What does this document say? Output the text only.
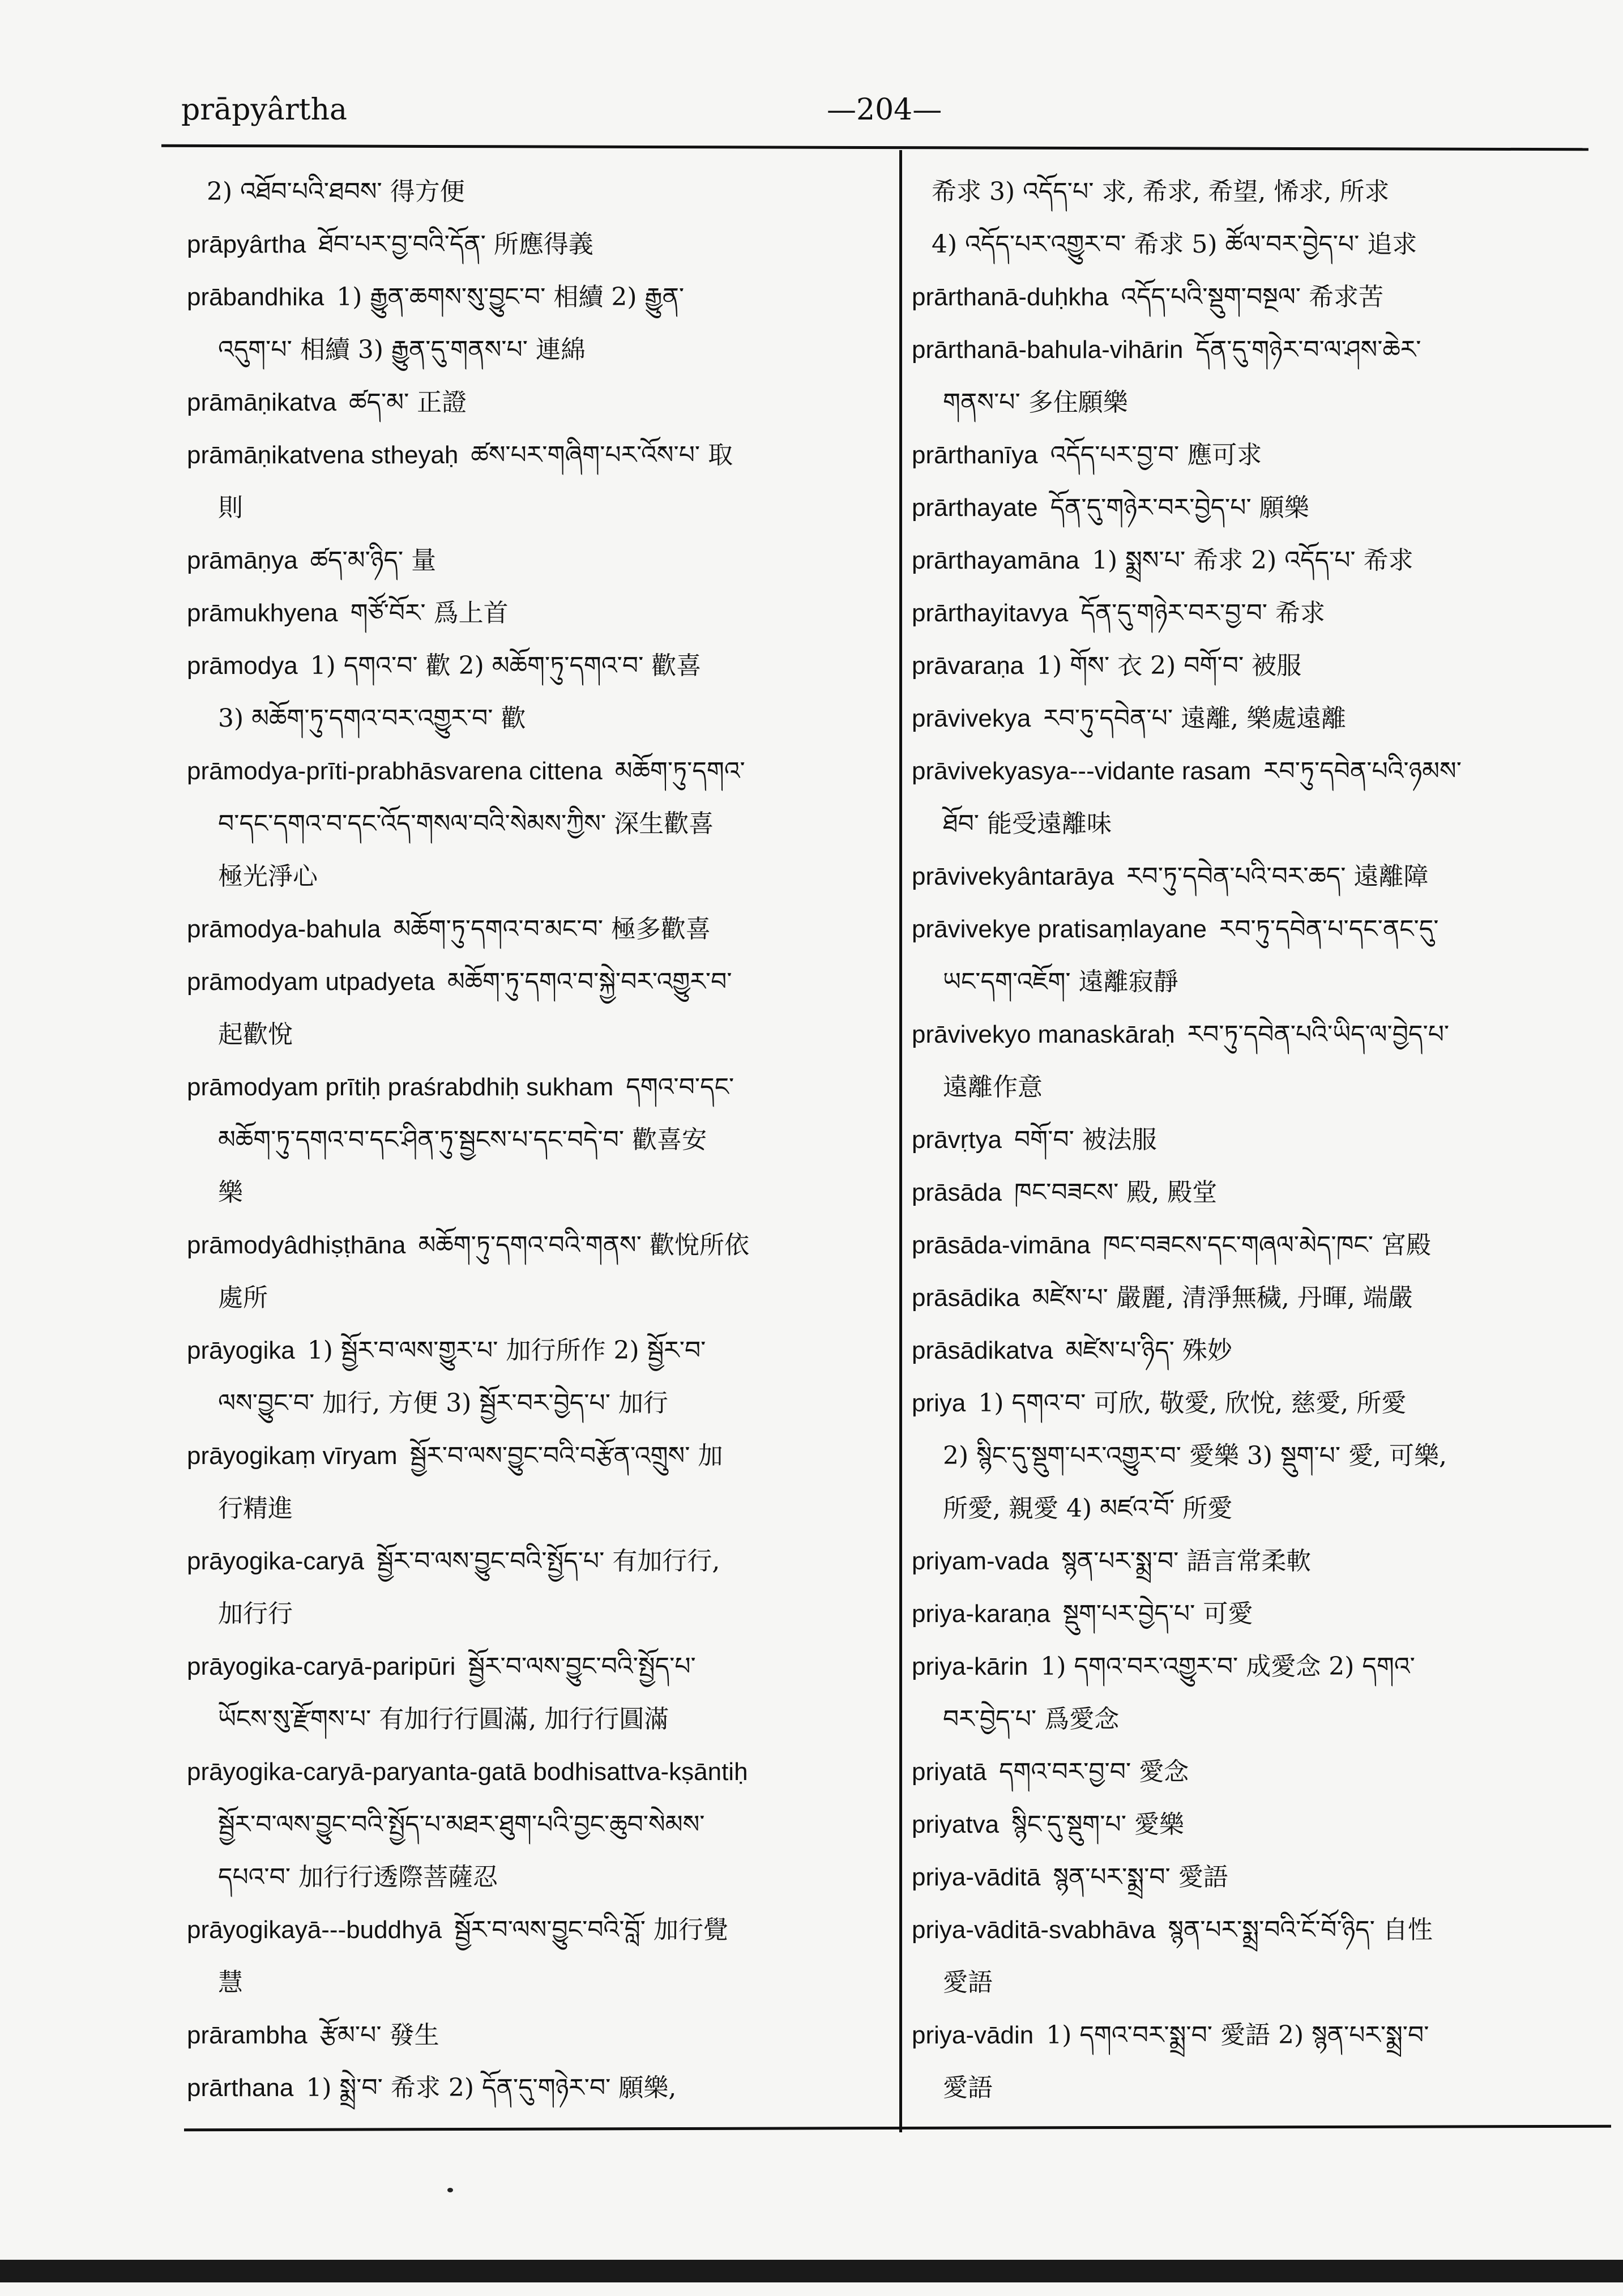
prāpyârtha	—204—

2) འཐོབ་པའི་ཐབས་ 得方便

prāpyârtha ཐོབ་པར་བྱ་བའི་དོན་ 所應得義

prābandhika 1) རྒྱུན་ཆགས་སུ་བྱུང་བ་ 相續 2) རྒྱུན་
འདུག་པ་ 相續 3) རྒྱུན་དུ་གནས་པ་ 連綿

prāmāṇikatva ཚད་མ་ 正證

prāmāṇikatvena stheyaḥ ཚས་པར་གཞིག་པར་འོས་པ་ 取
則

prāmāṇya ཚད་མ་ཉིད་ 量

prāmukhyena གཙོ་བོར་ 爲上首

prāmodya 1) དགའ་བ་ 歡 2) མཆོག་ཏུ་དགའ་བ་ 歡喜
3) མཆོག་ཏུ་དགའ་བར་འགྱུར་བ་ 歡

prāmodya-prīti-prabhāsvarena cittena མཆོག་ཏུ་དགའ་
བ་དང་དགའ་བ་དང་འོད་གསལ་བའི་སེམས་ཀྱིས་ 深生歡喜
極光淨心

prāmodya-bahula མཆོག་ཏུ་དགའ་བ་མང་བ་ 極多歡喜

prāmodyam utpadyeta མཆོག་ཏུ་དགའ་བ་སྐྱེ་བར་འགྱུར་བ་
起歡悅

prāmodyam prītiḥ praśrabdhiḥ sukham དགའ་བ་དང་
མཆོག་ཏུ་དགའ་བ་དང་ཤིན་ཏུ་སྦྱངས་པ་དང་བདེ་བ་ 歡喜安
樂

prāmodyâdhiṣṭhāna མཆོག་ཏུ་དགའ་བའི་གནས་ 歡悅所依
處所

prāyogika 1) སྦྱོར་བ་ལས་གྱུར་པ་ 加行所作 2) སྦྱོར་བ་
ལས་བྱུང་བ་ 加行, 方便 3) སྦྱོར་བར་བྱེད་པ་ 加行

prāyogikaṃ vīryam སྦྱོར་བ་ལས་བྱུང་བའི་བརྩོན་འགྲུས་ 加
行精進

prāyogika-caryā སྦྱོར་བ་ལས་བྱུང་བའི་སྤྱོད་པ་ 有加行行,
加行行

prāyogika-caryā-paripūri སྦྱོར་བ་ལས་བྱུང་བའི་སྤྱོད་པ་
ཡོངས་སུ་རྫོགས་པ་ 有加行行圓滿, 加行行圓滿

prāyogika-caryā-paryanta-gatā bodhisattva-kṣāntiḥ
སྦྱོར་བ་ལས་བྱུང་བའི་སྤྱོད་པ་མཐར་ཐུག་པའི་བྱང་ཆུབ་སེམས་
དཔའ་བ་ 加行行透際菩薩忍

prāyogikayā---buddhyā སྦྱོར་བ་ལས་བྱུང་བའི་བློ་ 加行覺
慧

prārambha རྩོམ་པ་ 發生

prārthana 1) སྨྲེ་བ་ 希求 2) དོན་དུ་གཉེར་བ་ 願樂,

希求 3) འདོད་པ་ 求, 希求, 希望, 悕求, 所求

4) འདོད་པར་འགྱུར་བ་ 希求 5) ཚོལ་བར་བྱེད་པ་ 追求

prārthanā-duḥkha འདོད་པའི་སྡུག་བསྔལ་ 希求苦

prārthanā-bahula-vihārin དོན་དུ་གཉེར་བ་ལ་ཤས་ཆེར་
གནས་པ་ 多住願樂

prārthanīya འདོད་པར་བྱ་བ་ 應可求

prārthayate དོན་དུ་གཉེར་བར་བྱེད་པ་ 願樂

prārthayamāna 1) སྨྲས་པ་ 希求 2) འདོད་པ་ 希求

prārthayitavya དོན་དུ་གཉེར་བར་བྱ་བ་ 希求

prāvaraṇa 1) གོས་ 衣 2) བགོ་བ་ 被服

prāvivekya རབ་ཏུ་དབེན་པ་ 遠離, 樂處遠離

prāvivekyasya---vidante rasam རབ་ཏུ་དབེན་པའི་ཉམས་
ཐོབ་ 能受遠離味

prāvivekyântarāya རབ་ཏུ་དབེན་པའི་བར་ཆད་ 遠離障

prāvivekye pratisaṃlayane རབ་ཏུ་དབེན་པ་དང་ནང་དུ་
ཡང་དག་འཇོག་ 遠離寂靜

prāvivekyo manaskāraḥ རབ་ཏུ་དབེན་པའི་ཡིད་ལ་བྱེད་པ་
遠離作意

prāvṛtya བགོ་བ་ 被法服

prāsāda ཁང་བཟངས་ 殿, 殿堂

prāsāda-vimāna ཁང་བཟངས་དང་གཞལ་མེད་ཁང་ 宮殿

prāsādika མཛེས་པ་ 嚴麗, 清淨無穢, 丹暉, 端嚴

prāsādikatva མཛེས་པ་ཉིད་ 殊妙

priya 1) དགའ་བ་ 可欣, 敬愛, 欣悅, 慈愛, 所愛
2) སྙིང་དུ་སྡུག་པར་འགྱུར་བ་ 愛樂 3) སྡུག་པ་ 愛, 可樂,
所愛, 親愛 4) མཛའ་བོ་ 所愛

priyam-vada སྙན་པར་སྨྲ་བ་ 語言常柔軟

priya-karaṇa སྡུག་པར་བྱེད་པ་ 可愛

priya-kārin 1) དགའ་བར་འགྱུར་བ་ 成愛念 2) དགའ་
བར་བྱེད་པ་ 爲愛念

priyatā དགའ་བར་བྱ་བ་ 愛念

priyatva སྙིང་དུ་སྡུག་པ་ 愛樂

priya-vāditā སྙན་པར་སྨྲ་བ་ 愛語

priya-vāditā-svabhāva སྙན་པར་སྨྲ་བའི་ངོ་བོ་ཉིད་ 自性
愛語

priya-vādin 1) དགའ་བར་སྨྲ་བ་ 愛語 2) སྙན་པར་སྨྲ་བ་
愛語
